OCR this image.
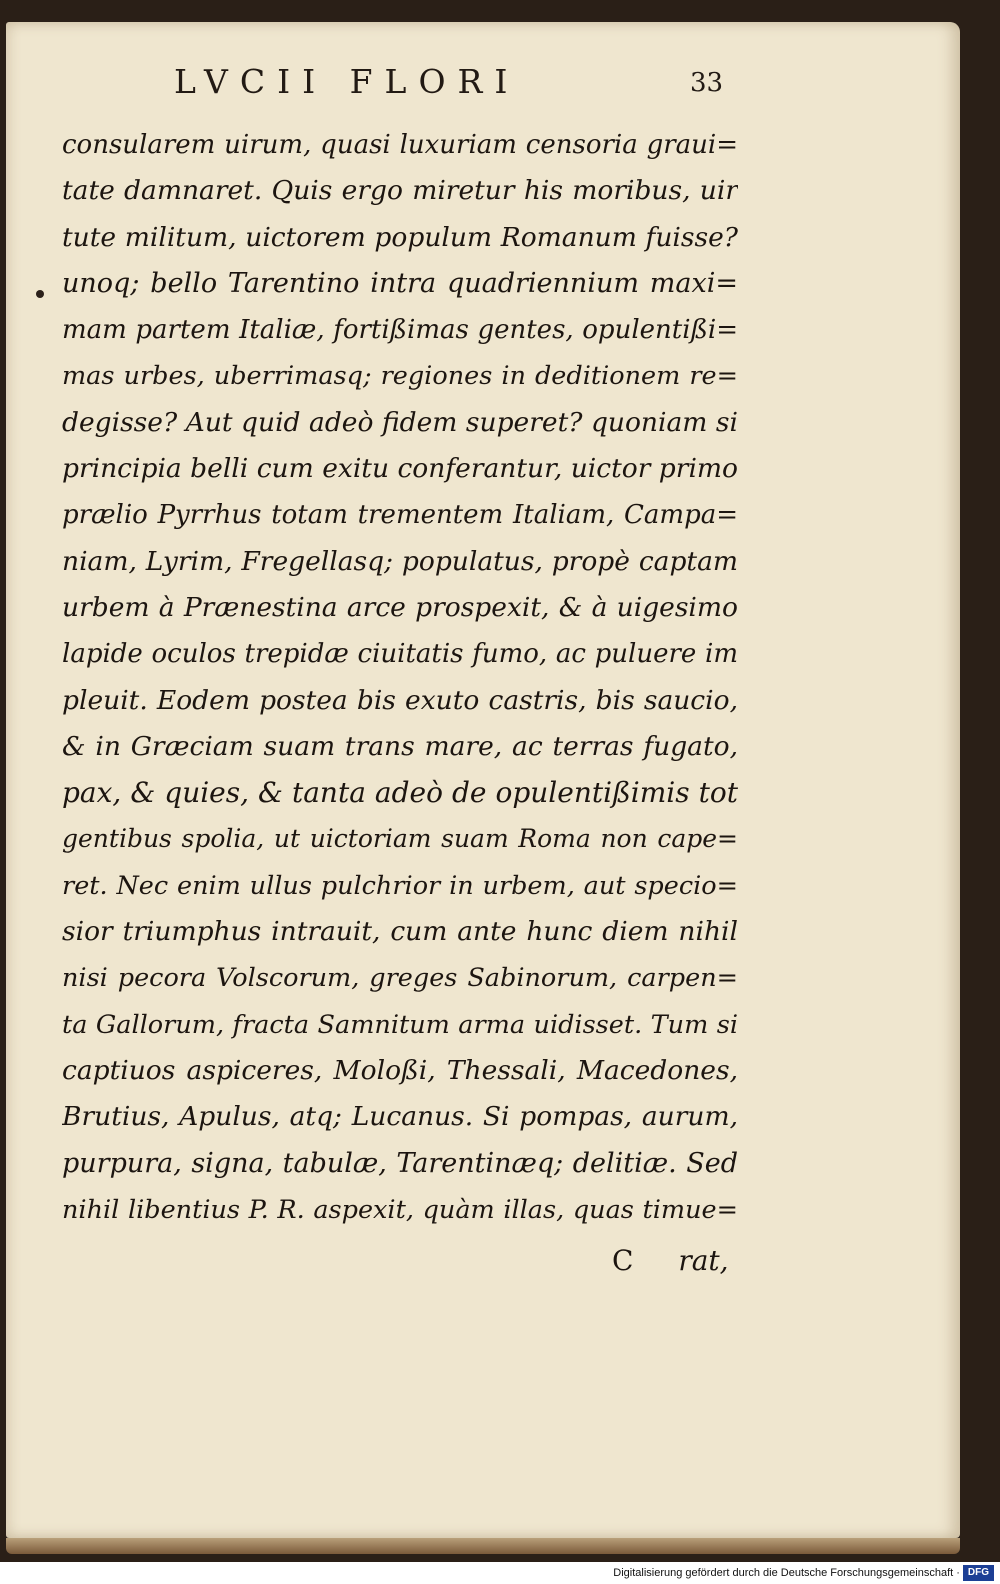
LVCII FLORI	33
consularem uirum, quasi luxuriam censoria graui=
tate damnaret. Quis ergo miretur his moribus, uir
tute militum, uictorem populum Romanum fuisse?
unoq; bello Tarentino intra quadriennium maxi=
mam partem Italiæ, fortißimas gentes, opulentißi=
mas urbes, uberrimasq; regiones in deditionem re=
degisse? Aut quid adeò fidem superet? quoniam si
principia belli cum exitu conferantur, uictor primo
prælio Pyrrhus totam trementem Italiam, Campa=
niam, Lyrim, Fregellasq; populatus, propè captam
urbem à Prænestina arce prospexit, & à uigesimo
lapide oculos trepidæ ciuitatis fumo, ac puluere im
pleuit. Eodem postea bis exuto castris, bis saucio,
& in Græciam suam trans mare, ac terras fugato,
pax, & quies, & tanta adeò de opulentißimis tot
gentibus spolia, ut uictoriam suam Roma non cape=
ret. Nec enim ullus pulchrior in urbem, aut specio=
sior triumphus intrauit, cum ante hunc diem nihil
nisi pecora Volscorum, greges Sabinorum, carpen=
ta Gallorum, fracta Samnitum arma uidisset. Tum si
captiuos aspiceres, Moloßi, Thessali, Macedones,
Brutius, Apulus, atq; Lucanus. Si pompas, aurum,
purpura, signa, tabulæ, Tarentinæq; delitiæ. Sed
nihil libentius P. R. aspexit, quàm illas, quas timue=
C rat,
Digitalisierung gefördert durch die Deutsche Forschungsgemeinschaft · DFG
